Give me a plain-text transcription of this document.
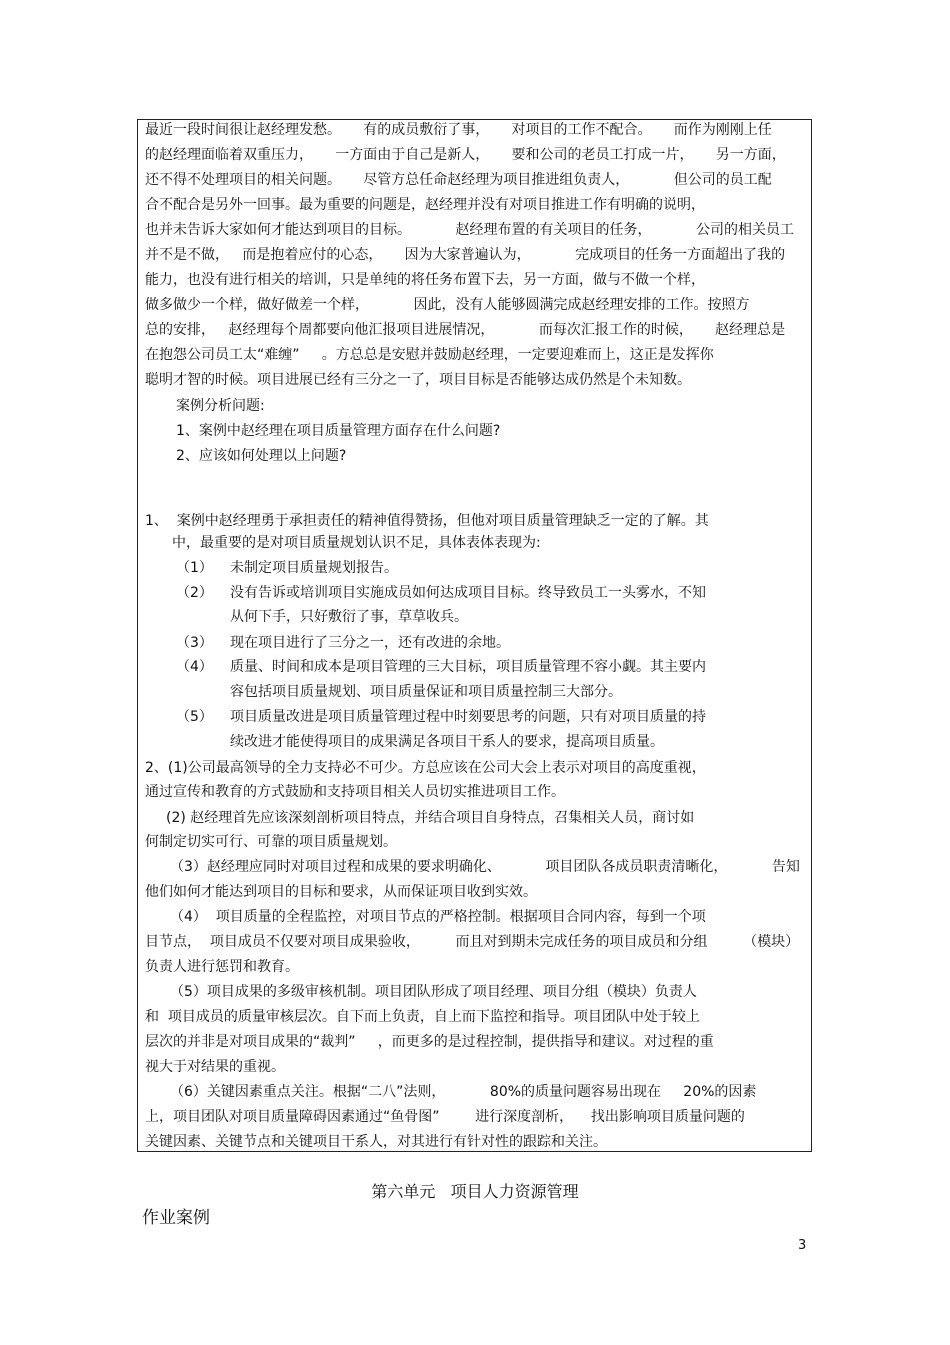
最近一段时间很让赵经理发愁。     有的成员敷衍了事，     对项目的工作不配合。     而作为刚刚上任
的赵经理面临着双重压力，     一方面由于自己是新人，     要和公司的老员工打成一片，     另一方面，
还不得不处理项目的相关问题。     尽管方总任命赵经理为项目推进组负责人，          但公司的员工配
合不配合是另外一回事。最为重要的问题是，赵经理并没有对项目推进工作有明确的说明，
也并未告诉大家如何才能达到项目的目标。          赵经理布置的有关项目的任务，          公司的相关员工
并不是不做，   而是抱着应付的心态，     因为大家普遍认为，          完成项目的任务一方面超出了我的
能力，也没有进行相关的培训，只是单纯的将任务布置下去，另一方面，做与不做一个样，
做多做少一个样，做好做差一个样，          因此，没有人能够圆满完成赵经理安排的工作。按照方
总的安排，   赵经理每个周都要向他汇报项目进展情况，          而每次汇报工作的时候，     赵经理总是
在抱怨公司员工太“难缠”     。方总总是安慰并鼓励赵经理，一定要迎难而上，这正是发挥你
聪明才智的时候。项目进展已经有三分之一了，项目目标是否能够达成仍然是个未知数。
案例分析问题:
1、案例中赵经理在项目质量管理方面存在什么问题?
2、应该如何处理以上问题?
1、  案例中赵经理勇于承担责任的精神值得赞扬，但他对项目质量管理缺乏一定的了解。其
中，最重要的是对项目质量规划认识不足，具体表体表现为:
（1） 未制定项目质量规划报告。
（2） 没有告诉或培训项目实施成员如何达成项目目标。终导致员工一头雾水，不知
从何下手，只好敷衍了事，草草收兵。
（3） 现在项目进行了三分之一，还有改进的余地。
（4） 质量、时间和成本是项目管理的三大目标，项目质量管理不容小觑。其主要内
容包括项目质量规划、项目质量保证和项目质量控制三大部分。
（5） 项目质量改进是项目质量管理过程中时刻要思考的问题，只有对项目质量的持
续改进才能使得项目的成果满足各项目干系人的要求，提高项目质量。
2、(1)公司最高领导的全力支持必不可少。方总应该在公司大会上表示对项目的高度重视，
通过宣传和教育的方式鼓励和支持项目相关人员切实推进项目工作。
(2) 赵经理首先应该深刻剖析项目特点，并结合项目自身特点，召集相关人员，商讨如
何制定切实可行、可靠的项目质量规划。
（3）赵经理应同时对项目过程和成果的要求明确化、          项目团队各成员职责清晰化，          告知
他们如何才能达到项目的目标和要求，从而保证项目收到实效。
（4）  项目质量的全程监控，对项目节点的严格控制。根据项目合同内容，每到一个项
目节点，  项目成员不仅要对项目成果验收，        而且对到期未完成任务的项目成员和分组        （模块）
负责人进行惩罚和教育。
（5）项目成果的多级审核机制。项目团队形成了项目经理、项目分组（模块）负责人
和  项目成员的质量审核层次。自下而上负责，自上而下监控和指导。项目团队中处于较上
层次的并非是对项目成果的“裁判”     ，而更多的是过程控制，提供指导和建议。对过程的重
视大于对结果的重视。
（6）关键因素重点关注。根据“二八”法则，          80%的质量问题容易出现在     20%的因素
上，项目团队对项目质量障碍因素通过“鱼骨图”        进行深度剖析，    找出影响项目质量问题的
关键因素、关键节点和关键项目干系人，对其进行有针对性的跟踪和关注。
第六单元   项目人力资源管理
作业案例
3
